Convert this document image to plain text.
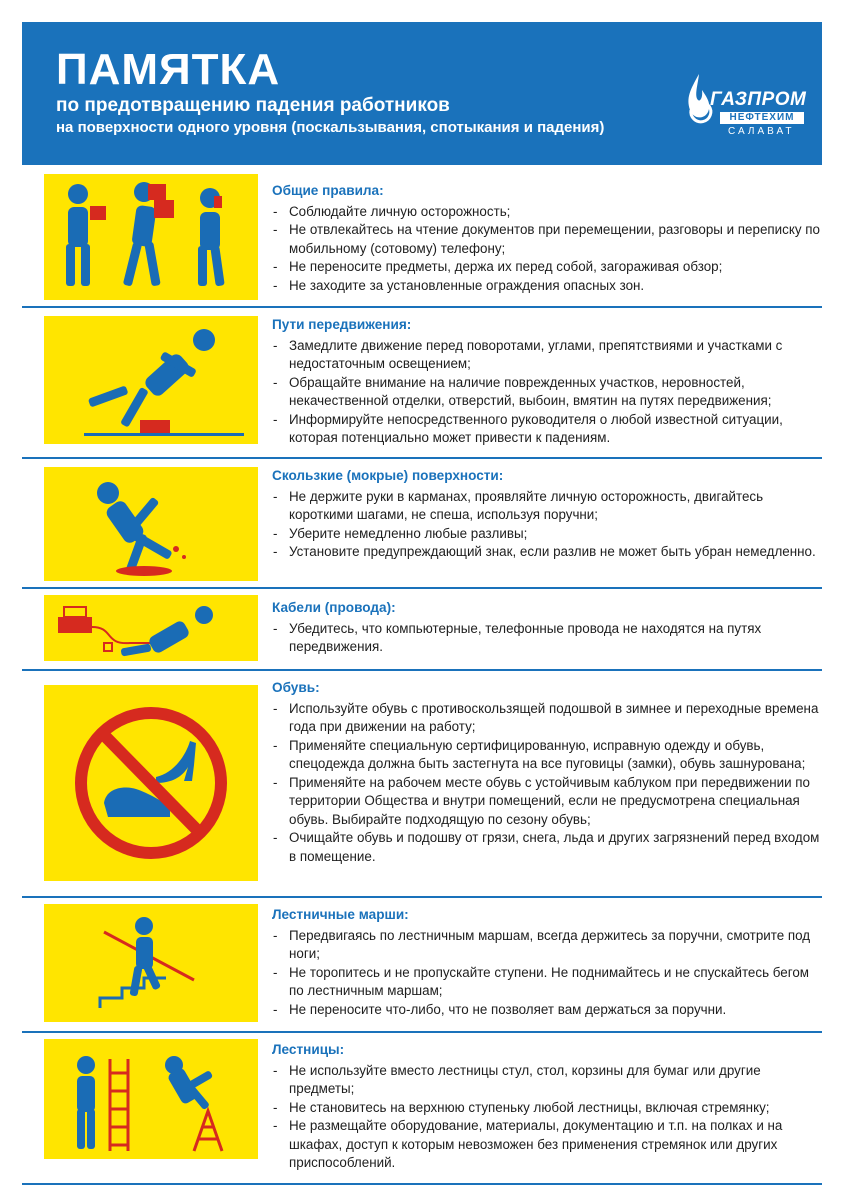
ПАМЯТКА
по предотвращению падения работников
на поверхности одного уровня (поскальзывания, спотыкания и падения)
ГАЗПРОМ
НЕФТЕХИМ
САЛАВАТ
Общие правила:
- Соблюдайте личную осторожность;
- Не отвлекайтесь на чтение документов при перемещении, разговоры и переписку по мобильному (сотовому) телефону;
- Не переносите предметы, держа их перед собой, загораживая обзор;
- Не заходите за установленные ограждения опасных зон.
Пути передвижения:
- Замедлите движение перед поворотами, углами, препятствиями и участками с недостаточным освещением;
- Обращайте внимание на наличие поврежденных участков, неровностей, некачественной отделки, отверстий, выбоин, вмятин на путях передвижения;
- Информируйте непосредственного руководителя о любой известной ситуации, которая потенциально может привести к падениям.
Скользкие (мокрые) поверхности:
- Не держите руки в карманах, проявляйте личную осторожность, двигайтесь короткими шагами, не спеша, используя поручни;
- Уберите немедленно любые разливы;
- Установите предупреждающий знак, если разлив не может быть убран немедленно.
Кабели (провода):
- Убедитесь, что компьютерные, телефонные провода не находятся на путях передвижения.
Обувь:
- Используйте обувь с противоскользящей подошвой в зимнее и переходные времена года при движении на работу;
- Применяйте специальную сертифицированную, исправную одежду и обувь, спецодежда должна быть застегнута на все пуговицы (замки), обувь зашнурована;
- Применяйте на рабочем месте обувь с устойчивым каблуком при передвижении по территории Общества и внутри помещений, если не предусмотрена специальная обувь. Выбирайте подходящую по сезону обувь;
- Очищайте обувь и подошву от грязи, снега, льда и других загрязнений перед входом в помещение.
Лестничные марши:
- Передвигаясь по лестничным маршам, всегда держитесь за поручни, смотрите под ноги;
- Не торопитесь и не пропускайте ступени. Не поднимайтесь и не спускайтесь бегом по лестничным маршам;
- Не переносите что-либо, что не позволяет вам держаться за поручни.
Лестницы:
- Не используйте вместо лестницы стул, стол, корзины для бумаг или другие предметы;
- Не становитесь на верхнюю ступеньку любой лестницы, включая стремянку;
- Не размещайте оборудование, материалы, документацию и т.п. на полках и на шкафах, доступ к которым невозможен без применения стремянок или других приспособлений.
